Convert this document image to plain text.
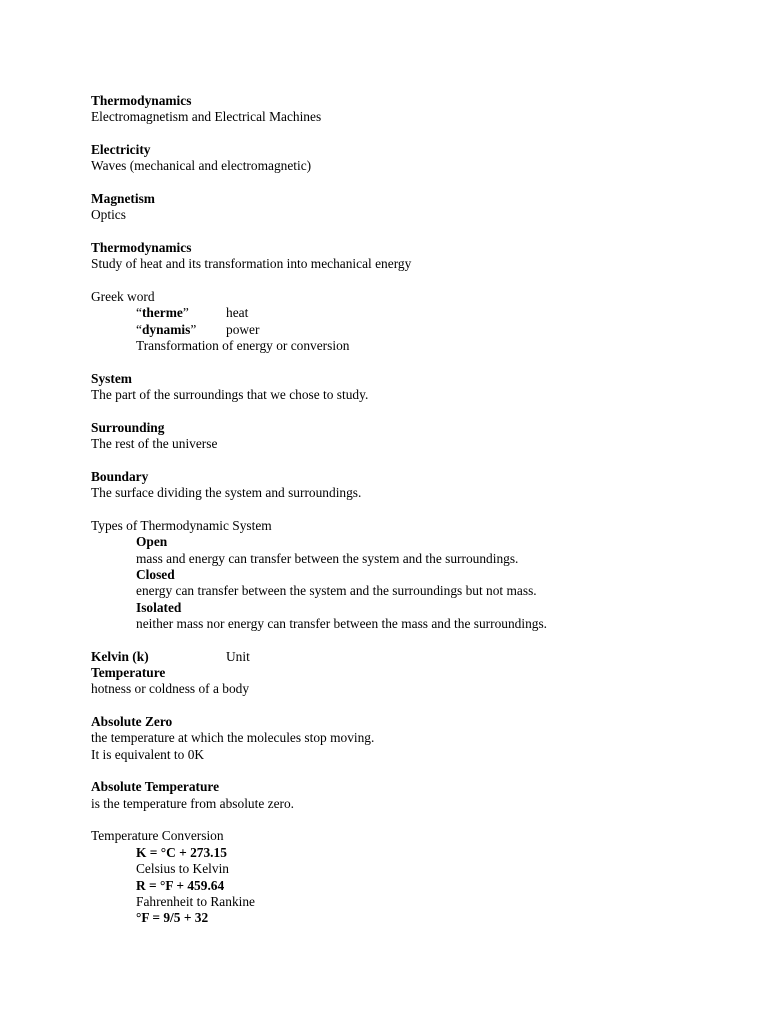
Thermodynamics
Electromagnetism and Electrical Machines
Electricity
Waves (mechanical and electromagnetic)
Magnetism
Optics
Thermodynamics
Study of heat and its transformation into mechanical energy
Greek word
“therme”	heat
“dynamis” power
Transformation of energy or conversion
System
The part of the surroundings that we chose to study.
Surrounding
The rest of the universe
Boundary
The surface dividing the system and surroundings.
Types of Thermodynamic System
Open
mass and energy can transfer between the system and the surroundings.
Closed
energy can transfer between the system and the surroundings but not mass.
Isolated
neither mass nor energy can transfer between the mass and the surroundings.
Kelvin (k)	Unit
Temperature
hotness or coldness of a body
Absolute Zero
the temperature at which the molecules stop moving.
It is equivalent to 0K
Absolute Temperature
is the temperature from absolute zero.
Temperature Conversion
K = °C + 273.15
Celsius to Kelvin
R = °F + 459.64
Fahrenheit to Rankine
°F = 9/5 + 32
